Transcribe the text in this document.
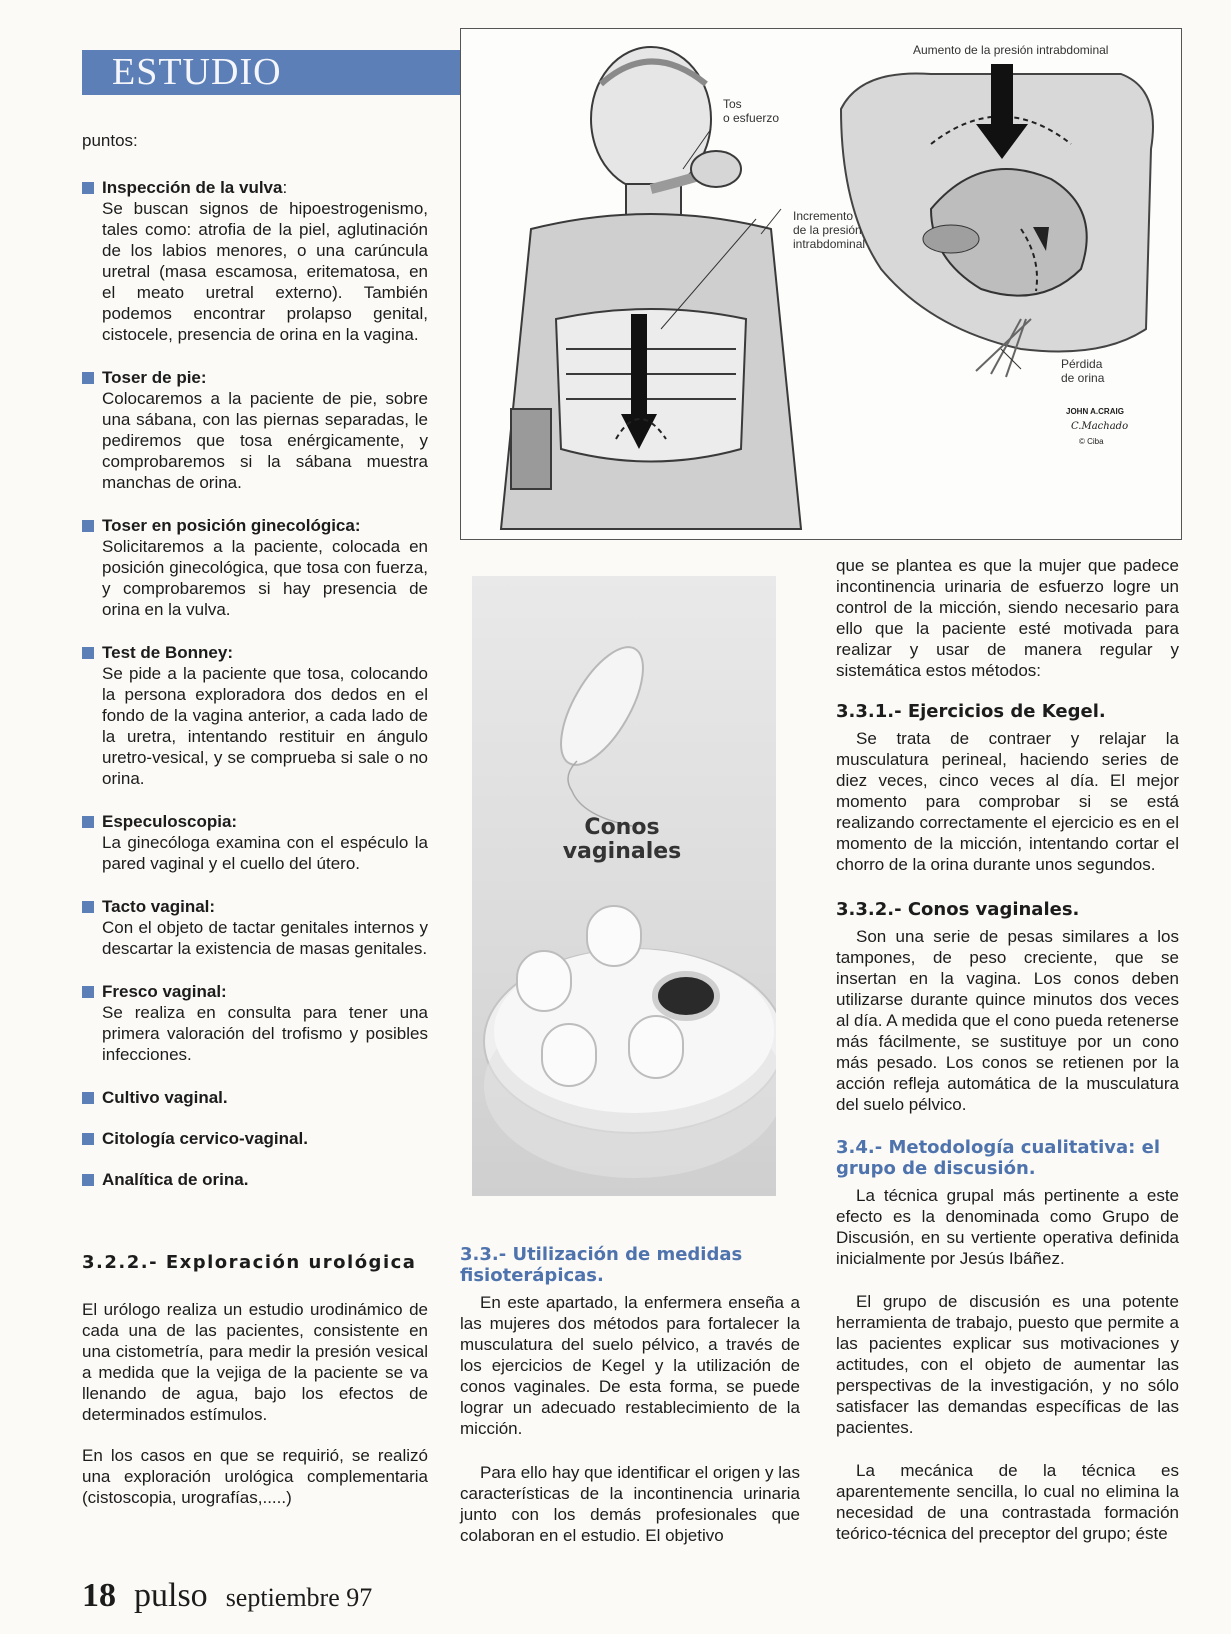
ESTUDIO

puntos:

Inspección de la vulva :
Se buscan signos de hipoestrogenismo, tales como: atrofia de la piel, aglutinación de los labios menores, o una carúncula uretral (masa escamosa, eritematosa, en el meato uretral externo). También podemos encontrar prolapso genital, cistocele, presencia de orina en la vagina.
Toser de pie:
Colocaremos a la paciente de pie, sobre una sábana, con las piernas separadas, le pediremos que tosa enérgicamente, y comprobaremos si la sábana muestra manchas de orina.
Toser en posición ginecológica:
Solicitaremos a la paciente, colocada en posición ginecológica, que tosa con fuerza, y comprobaremos si hay presencia de orina en la vulva.
Test de Bonney:
Se pide a la paciente que tosa, colocando la persona exploradora dos dedos en el fondo de la vagina anterior, a cada lado de la uretra, intentando restituir en ángulo uretro-vesical, y se comprueba si sale o no orina.
Especuloscopia:
La ginecóloga examina con el espéculo la pared vaginal y el cuello del útero.
Tacto vaginal:
Con el objeto de tactar genitales internos y descartar la existencia de masas genitales.
Fresco vaginal:
Se realiza en consulta para tener una primera valoración del trofismo y posibles infecciones.
Cultivo vaginal.
Citología cervico-vaginal.
Analítica de orina.
3.2.2.- Exploración urológica

El urólogo realiza un estudio urodinámico de cada una de las pacientes, consistente en una cistometría, para medir la presión vesical a medida que la vejiga de la paciente se va llenando de agua, bajo los efectos de determinados estímulos.

En los casos en que se requirió, se realizó una exploración urológica complementaria (cistoscopia, urografías,.....)

Tos
o esfuerzo
Incremento
de la presión
intrabdominal
Aumento de la presión intrabdominal
Pérdida
de orina
JOHN A.CRAIG
C.Machado
© Ciba
Conos
vaginales
3.3.- Utilización de medidas fisioterápicas.

En este apartado, la enfermera enseña a las mujeres dos métodos para fortalecer la musculatura del suelo pélvico, a través de los ejercicios de Kegel y la utilización de conos vaginales. De esta forma, se puede lograr un adecuado restablecimiento de la micción.

Para ello hay que identificar el origen y las características de la incontinencia urinaria junto con los demás profesionales que colaboran en el estudio. El objetivo

que se plantea es que la mujer que padece incontinencia urinaria de esfuerzo logre un control de la micción, siendo necesario para ello que la paciente esté motivada para realizar y usar de manera regular y sistemática estos métodos:

3.3.1.- Ejercicios de Kegel.

Se trata de contraer y relajar la musculatura perineal, haciendo series de diez veces, cinco veces al día. El mejor momento para comprobar si se está realizando correctamente el ejercicio es en el momento de la micción, intentando cortar el chorro de la orina durante unos segundos.

3.3.2.- Conos vaginales.

Son una serie de pesas similares a los tampones, de peso creciente, que se insertan en la vagina. Los conos deben utilizarse durante quince minutos dos veces al día. A medida que el cono pueda retenerse más fácilmente, se sustituye por un cono más pesado. Los conos se retienen por la acción refleja automática de la musculatura del suelo pélvico.

3.4.- Metodología cualitativa: el grupo de discusión.

La técnica grupal más pertinente a este efecto es la denominada como Grupo de Discusión, en su vertiente operativa definida inicialmente por Jesús Ibáñez.

El grupo de discusión es una potente herramienta de trabajo, puesto que permite a las pacientes explicar sus motivaciones y actitudes, con el objeto de aumentar las perspectivas de la investigación, y no sólo satisfacer las demandas específicas de las pacientes.

La mecánica de la técnica es aparentemente sencilla, lo cual no elimina la necesidad de una contrastada formación teórico-técnica del preceptor del grupo; éste

18 pulso septiembre 97
